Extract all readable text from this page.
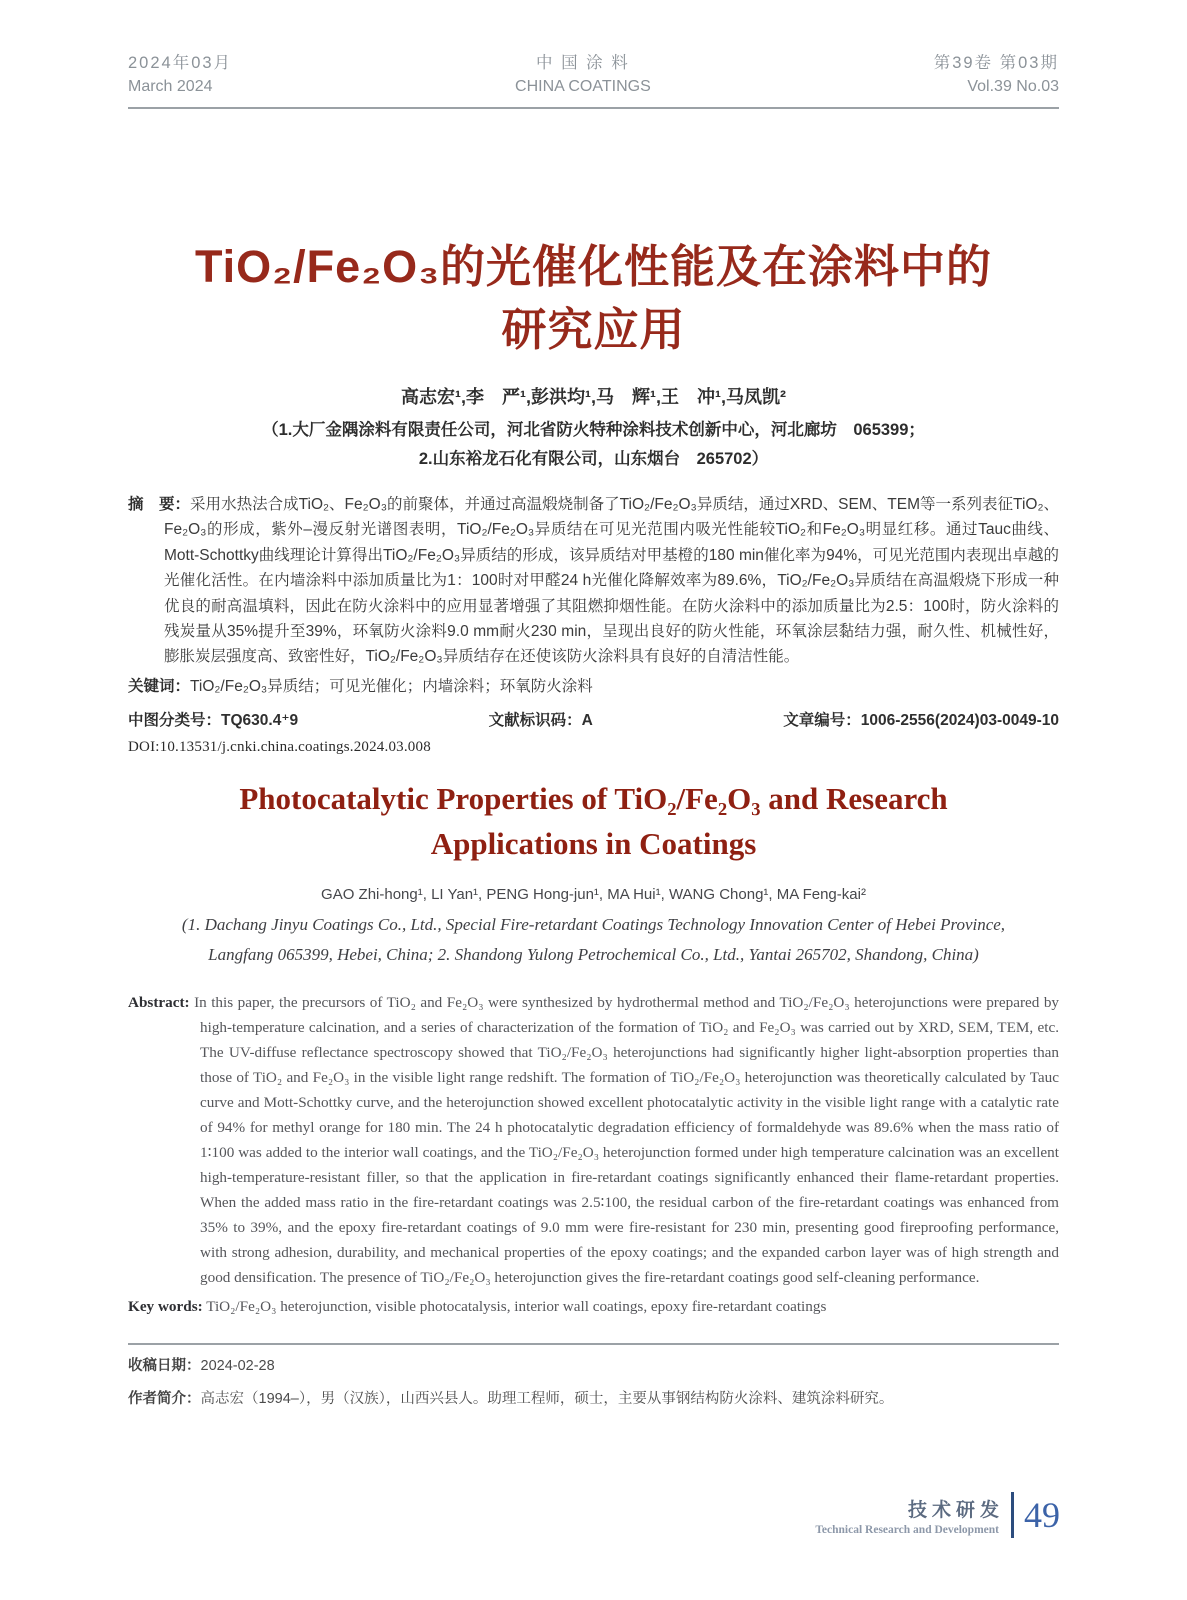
2024年03月
March 2024
中 国 涂 料
CHINA COATINGS
第39卷 第03期
Vol.39 No.03
TiO₂/Fe₂O₃的光催化性能及在涂料中的
研究应用

高志宏¹,李　严¹,彭洪均¹,马　辉¹,王　冲¹,马凤凯²

（1.大厂金隅涂料有限责任公司，河北省防火特种涂料技术创新中心，河北廊坊　065399；
2.山东裕龙石化有限公司，山东烟台　265702）

摘　要：采用水热法合成TiO₂、Fe₂O₃的前聚体，并通过高温煅烧制备了TiO₂/Fe₂O₃异质结，通过XRD、SEM、TEM等一系列表征TiO₂、Fe₂O₃的形成，紫外–漫反射光谱图表明，TiO₂/Fe₂O₃异质结在可见光范围内吸光性能较TiO₂和Fe₂O₃明显红移。通过Tauc曲线、Mott-Schottky曲线理论计算得出TiO₂/Fe₂O₃异质结的形成，该异质结对甲基橙的180 min催化率为94%，可见光范围内表现出卓越的光催化活性。在内墙涂料中添加质量比为1：100时对甲醛24 h光催化降解效率为89.6%，TiO₂/Fe₂O₃异质结在高温煅烧下形成一种优良的耐高温填料，因此在防火涂料中的应用显著增强了其阻燃抑烟性能。在防火涂料中的添加质量比为2.5：100时，防火涂料的残炭量从35%提升至39%，环氧防火涂料9.0 mm耐火230 min，呈现出良好的防火性能，环氧涂层黏结力强，耐久性、机械性好，膨胀炭层强度高、致密性好，TiO₂/Fe₂O₃异质结存在还使该防火涂料具有良好的自清洁性能。

关键词：TiO₂/Fe₂O₃异质结；可见光催化；内墙涂料；环氧防火涂料

中图分类号：TQ630.4⁺9	文献标识码：A	文章编号：1006-2556(2024)03-0049-10

DOI:10.13531/j.cnki.china.coatings.2024.03.008

Photocatalytic Properties of TiO₂/Fe₂O₃ and Research
Applications in Coatings

GAO Zhi-hong¹, LI Yan¹, PENG Hong-jun¹, MA Hui¹, WANG Chong¹, MA Feng-kai²

(1. Dachang Jinyu Coatings Co., Ltd., Special Fire-retardant Coatings Technology Innovation Center of Hebei Province,
Langfang 065399, Hebei, China; 2. Shandong Yulong Petrochemical Co., Ltd., Yantai 265702, Shandong, China)

Abstract: In this paper, the precursors of TiO₂ and Fe₂O₃ were synthesized by hydrothermal method and TiO₂/Fe₂O₃ heterojunctions were prepared by high-temperature calcination, and a series of characterization of the formation of TiO₂ and Fe₂O₃ was carried out by XRD, SEM, TEM, etc. The UV-diffuse reflectance spectroscopy showed that TiO₂/Fe₂O₃ heterojunctions had significantly higher light-absorption properties than those of TiO₂ and Fe₂O₃ in the visible light range redshift. The formation of TiO₂/Fe₂O₃ heterojunction was theoretically calculated by Tauc curve and Mott-Schottky curve, and the heterojunction showed excellent photocatalytic activity in the visible light range with a catalytic rate of 94% for methyl orange for 180 min. The 24 h photocatalytic degradation efficiency of formaldehyde was 89.6% when the mass ratio of 1∶100 was added to the interior wall coatings, and the TiO₂/Fe₂O₃ heterojunction formed under high temperature calcination was an excellent high-temperature-resistant filler, so that the application in fire-retardant coatings significantly enhanced their flame-retardant properties. When the added mass ratio in the fire-retardant coatings was 2.5∶100, the residual carbon of the fire-retardant coatings was enhanced from 35% to 39%, and the epoxy fire-retardant coatings of 9.0 mm were fire-resistant for 230 min, presenting good fireproofing performance, with strong adhesion, durability, and mechanical properties of the epoxy coatings; and the expanded carbon layer was of high strength and good densification. The presence of TiO₂/Fe₂O₃ heterojunction gives the fire-retardant coatings good self-cleaning performance.

Key words: TiO₂/Fe₂O₃ heterojunction, visible photocatalysis, interior wall coatings, epoxy fire-retardant coatings

收稿日期：2024-02-28

作者简介：高志宏（1994–），男（汉族），山西兴县人。助理工程师，硕士，主要从事钢结构防火涂料、建筑涂料研究。

技术研发
Technical Research and Development 49
